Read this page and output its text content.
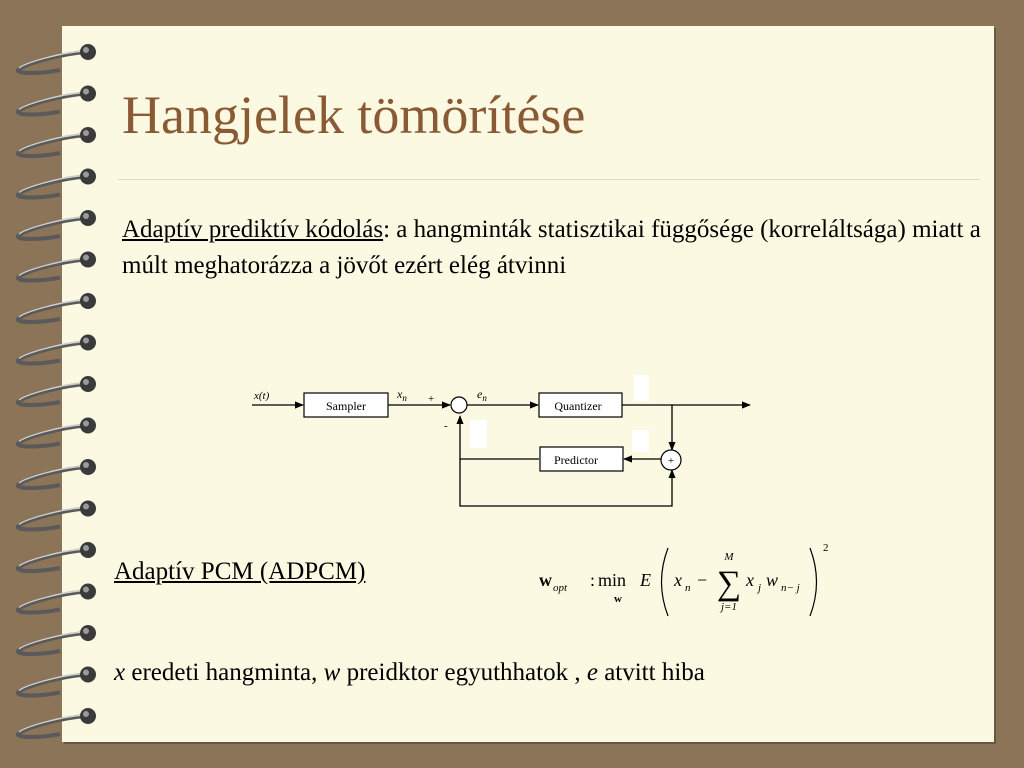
Hangjelek tömörítése
Adaptív prediktív kódolás: a hangminták statisztikai függősége (korreláltsága) miatt a múlt meghatorázza a jövőt ezért elég átvinni
x(t)
Sampler
$x_n$ +
-
$e_n$
Quantizer
Predictor	+
Adaptív PCM (ADPCM)	w opt : min
w
E x n −
M
∑
j=1
x j w n− j
2
x eredeti hangminta, w preidktor egyuthhatok , e atvitt hiba
